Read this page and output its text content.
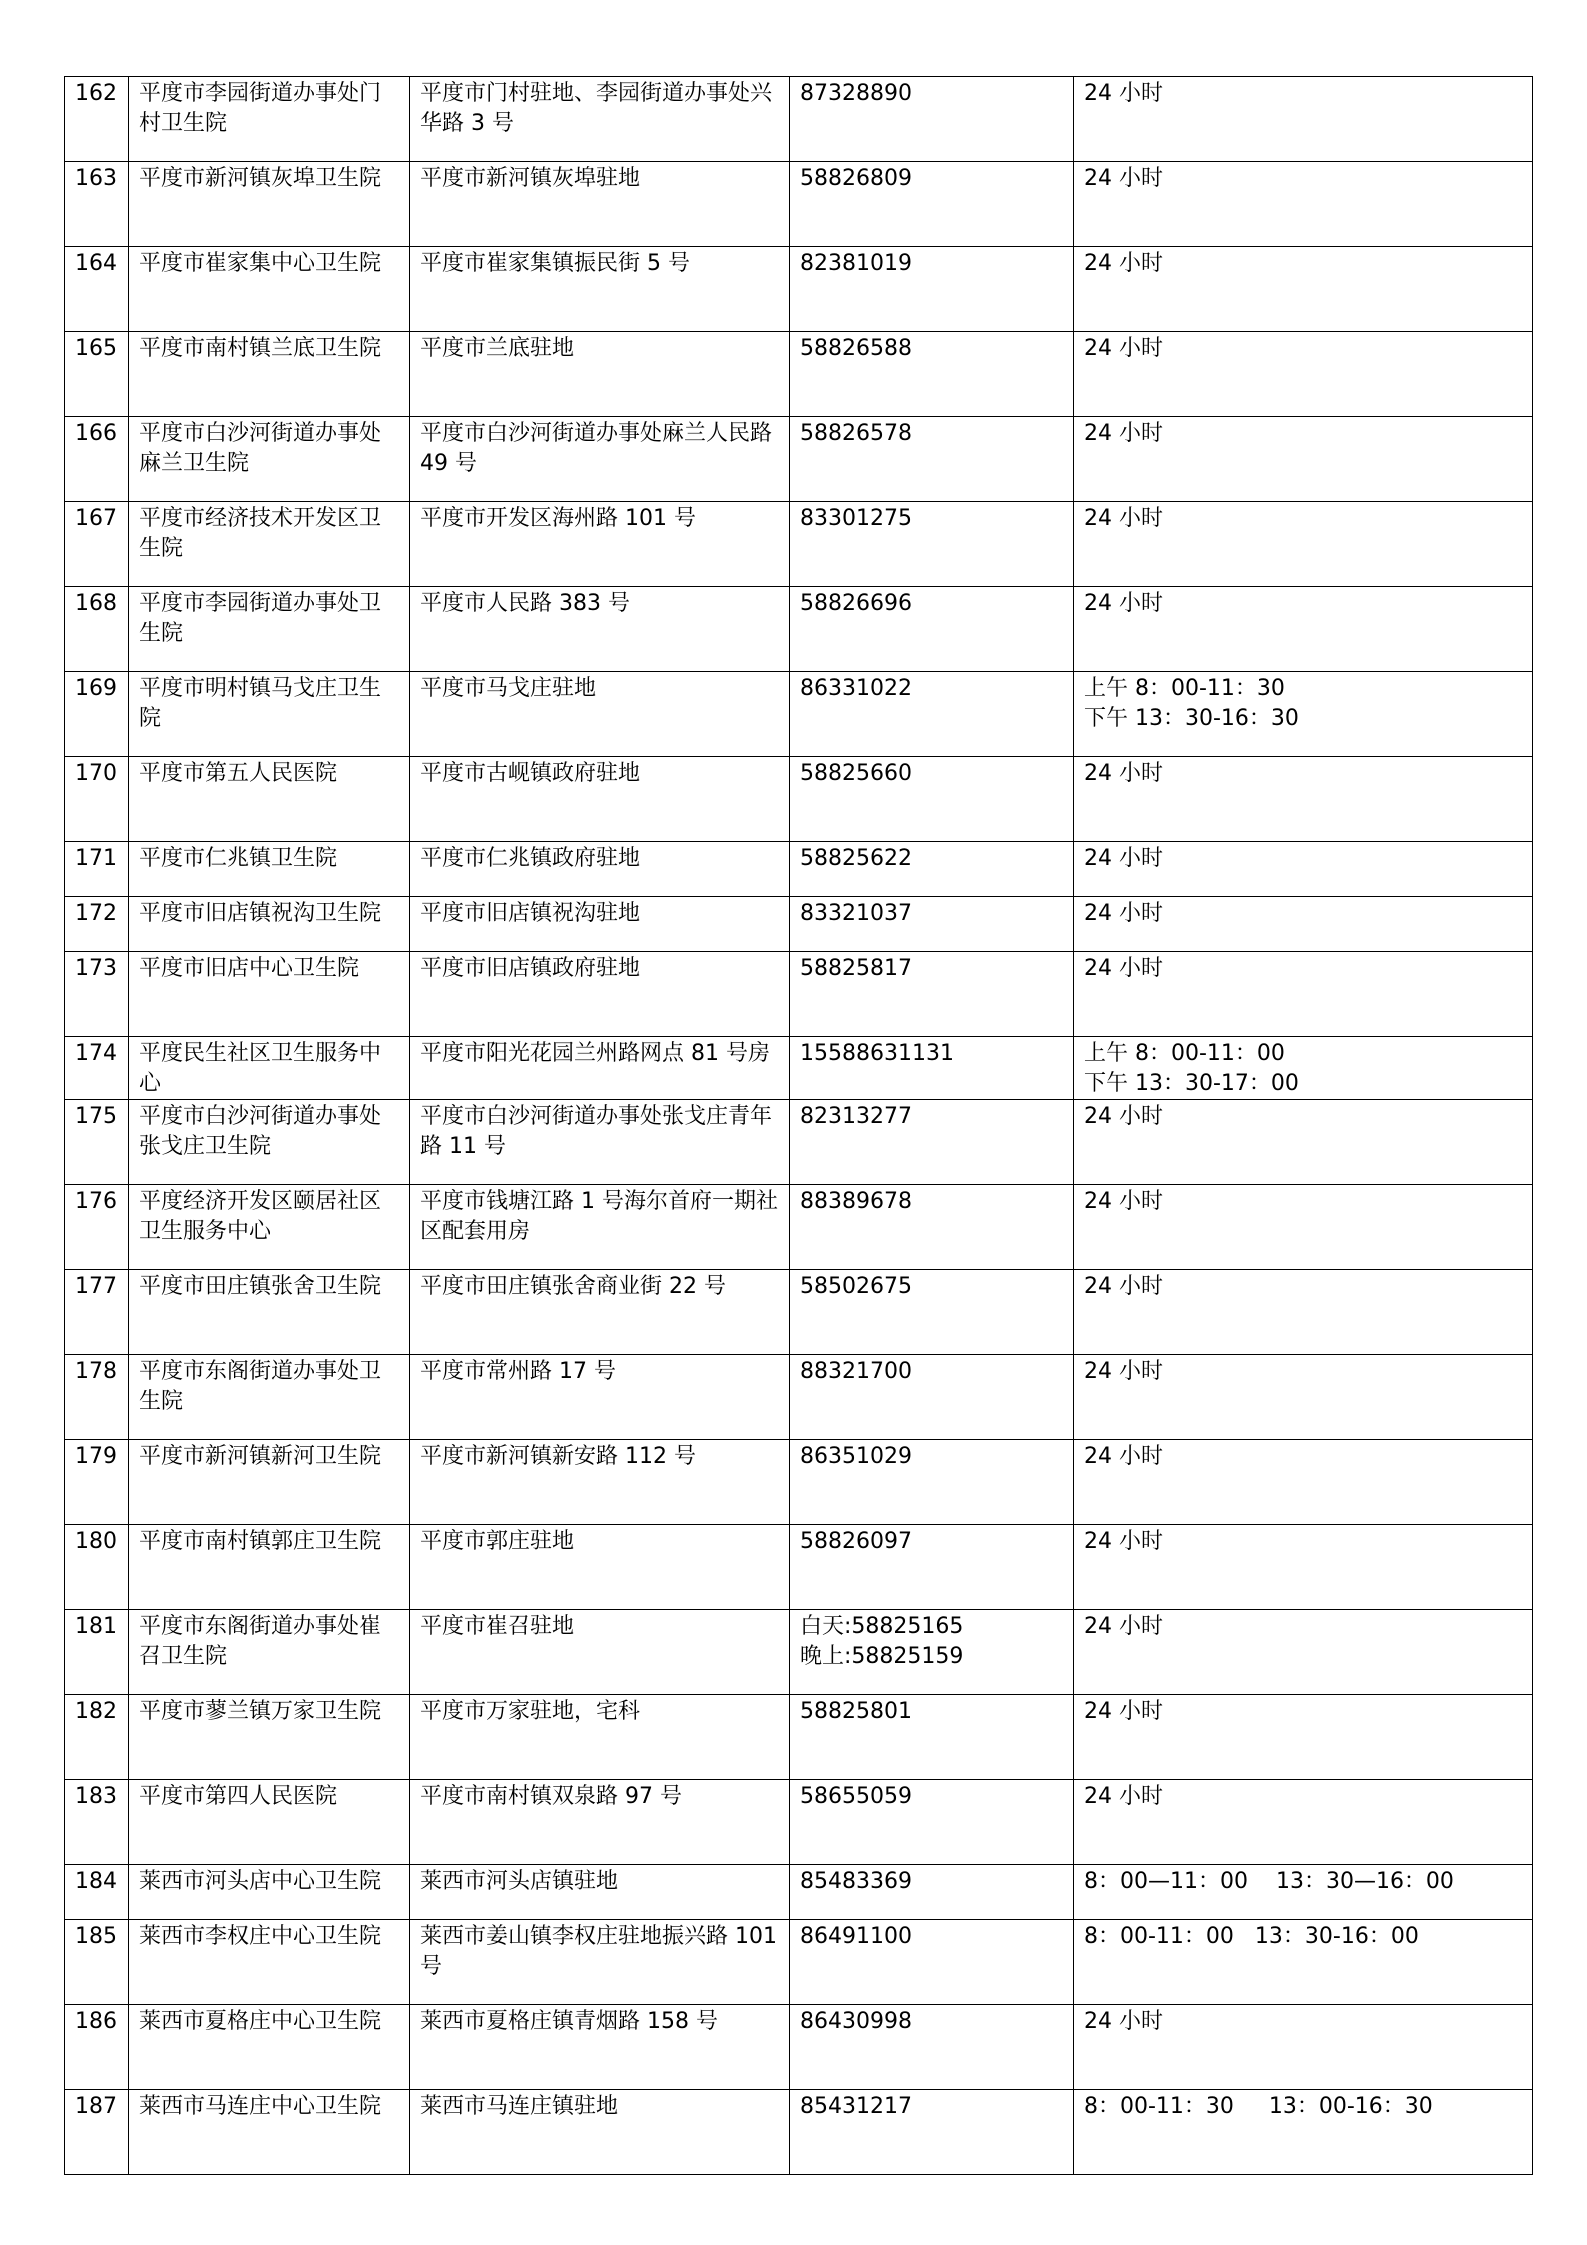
162	平度市李园街道办事处门村卫生院	平度市门村驻地、李园街道办事处兴华路 3 号	87328890	24 小时
163	平度市新河镇灰埠卫生院	平度市新河镇灰埠驻地	58826809	24 小时
164	平度市崔家集中心卫生院	平度市崔家集镇振民街 5 号	82381019	24 小时
165	平度市南村镇兰底卫生院	平度市兰底驻地	58826588	24 小时
166	平度市白沙河街道办事处麻兰卫生院	平度市白沙河街道办事处麻兰人民路 49 号	58826578	24 小时
167	平度市经济技术开发区卫生院	平度市开发区海州路 101 号	83301275	24 小时
168	平度市李园街道办事处卫生院	平度市人民路 383 号	58826696	24 小时
169	平度市明村镇马戈庄卫生院	平度市马戈庄驻地	86331022	上午 8：00-11：30
下午 13：30-16：30
170	平度市第五人民医院	平度市古岘镇政府驻地	58825660	24 小时
171	平度市仁兆镇卫生院	平度市仁兆镇政府驻地	58825622	24 小时
172	平度市旧店镇祝沟卫生院	平度市旧店镇祝沟驻地	83321037	24 小时
173	平度市旧店中心卫生院	平度市旧店镇政府驻地	58825817	24 小时
174	平度民生社区卫生服务中心	平度市阳光花园兰州路网点 81 号房	15588631131	上午 8：00-11：00
下午 13：30-17：00
175	平度市白沙河街道办事处张戈庄卫生院	平度市白沙河街道办事处张戈庄青年路 11 号	82313277	24 小时
176	平度经济开发区颐居社区卫生服务中心	平度市钱塘江路 1 号海尔首府一期社区配套用房	88389678	24 小时
177	平度市田庄镇张舍卫生院	平度市田庄镇张舍商业街 22 号	58502675	24 小时
178	平度市东阁街道办事处卫生院	平度市常州路 17 号	88321700	24 小时
179	平度市新河镇新河卫生院	平度市新河镇新安路 112 号	86351029	24 小时
180	平度市南村镇郭庄卫生院	平度市郭庄驻地	58826097	24 小时
181	平度市东阁街道办事处崔召卫生院	平度市崔召驻地	白天:58825165
晚上:58825159	24 小时
182	平度市蓼兰镇万家卫生院	平度市万家驻地，宅科	58825801	24 小时
183	平度市第四人民医院	平度市南村镇双泉路 97 号	58655059	24 小时
184	莱西市河头店中心卫生院	莱西市河头店镇驻地	85483369	8：00—11：00    13：30—16：00
185	莱西市李权庄中心卫生院	莱西市姜山镇李权庄驻地振兴路 101 号	86491100	8：00-11：00   13：30-16：00
186	莱西市夏格庄中心卫生院	莱西市夏格庄镇青烟路 158 号	86430998	24 小时
187	莱西市马连庄中心卫生院	莱西市马连庄镇驻地	85431217	8：00-11：30     13：00-16：30
